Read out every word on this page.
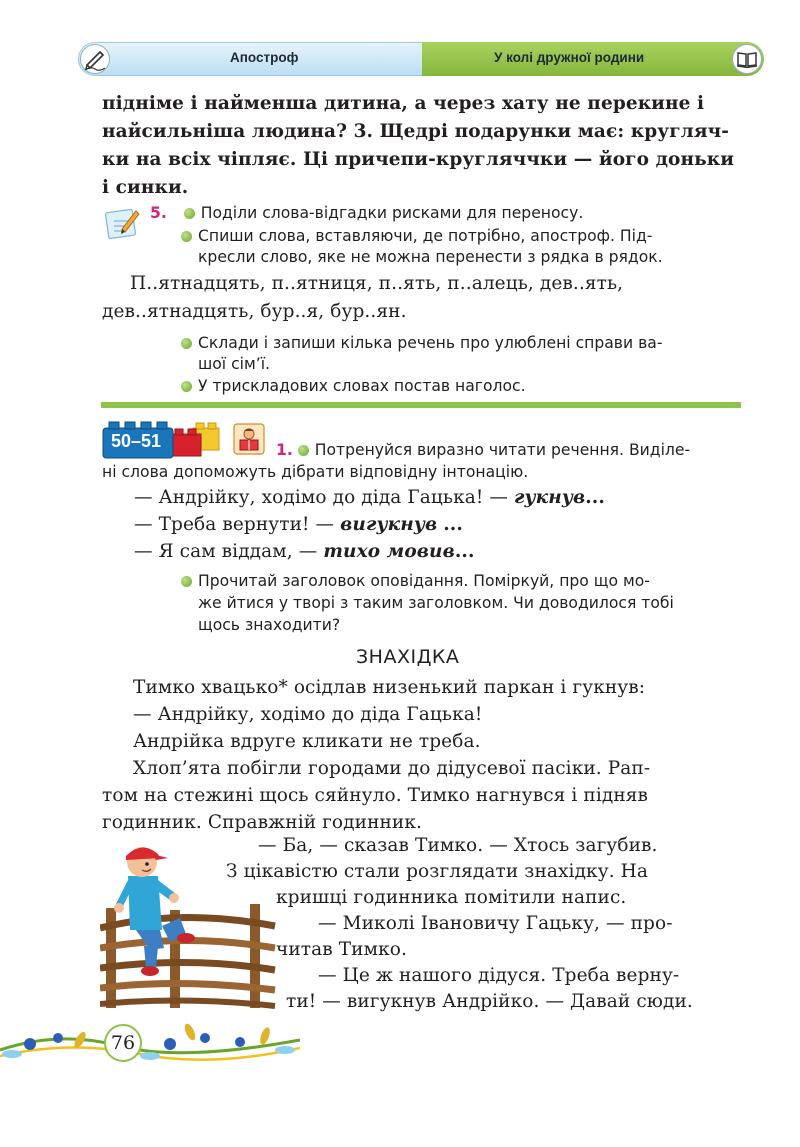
Апостроф	У колі дружної родини
підніме і найменша дитина, а через хату не перекине і
найсильніша людина? 3. Щедрі подарунки має: кругляч-
ки на всіх чіпляє. Ці причепи-кругляччки — його доньки
і синки.
5. Поділи слова-відгадки рисками для переносу.
Спиши слова, вставляючи, де потрібно, апостроф. Під-
кресли слово, яке не можна перенести з рядка в рядок.
П..ятнадцять, п..ятниця, п..ять, п..алець, дев..ять,
дев..ятнадцять, бур..я, бур..ян.
Склади і запиши кілька речень про улюблені справи ва-
шої сім’ї.
У трискладових словах постав наголос.
50–51	1. Потренуйся виразно читати речення. Виділе-
ні слова допоможуть дібрати відповідну інтонацію.
— Андрійку, ходімо до діда Гацька! — гукнув...
— Треба вернути! — вигукнув ...
— Я сам віддам, — тихо мовив...
Прочитай заголовок оповідання. Поміркуй, про що мо-
же йтися у творі з таким заголовком. Чи доводилося тобі
щось знаходити?
ЗНАХІДКА
Тимко хвацько* осідлав низенький паркан і гукнув:
— Андрійку, ходімо до діда Гацька!
Андрійка вдруге кликати не треба.
Хлоп’ята побігли городами до дідусевої пасіки. Рап-
том на стежині щось сяйнуло. Тимко нагнувся і підняв
годинник. Справжній годинник.
— Ба, — сказав Тимко. — Хтось загубив.
З цікавістю стали розглядати знахідку. На
кришці годинника помітили напис.
— Миколі Івановичу Гацьку, — про-
читав Тимко.
— Це ж нашого дідуся. Треба верну-
ти! — вигукнув Андрійко. — Давай сюди.
76
